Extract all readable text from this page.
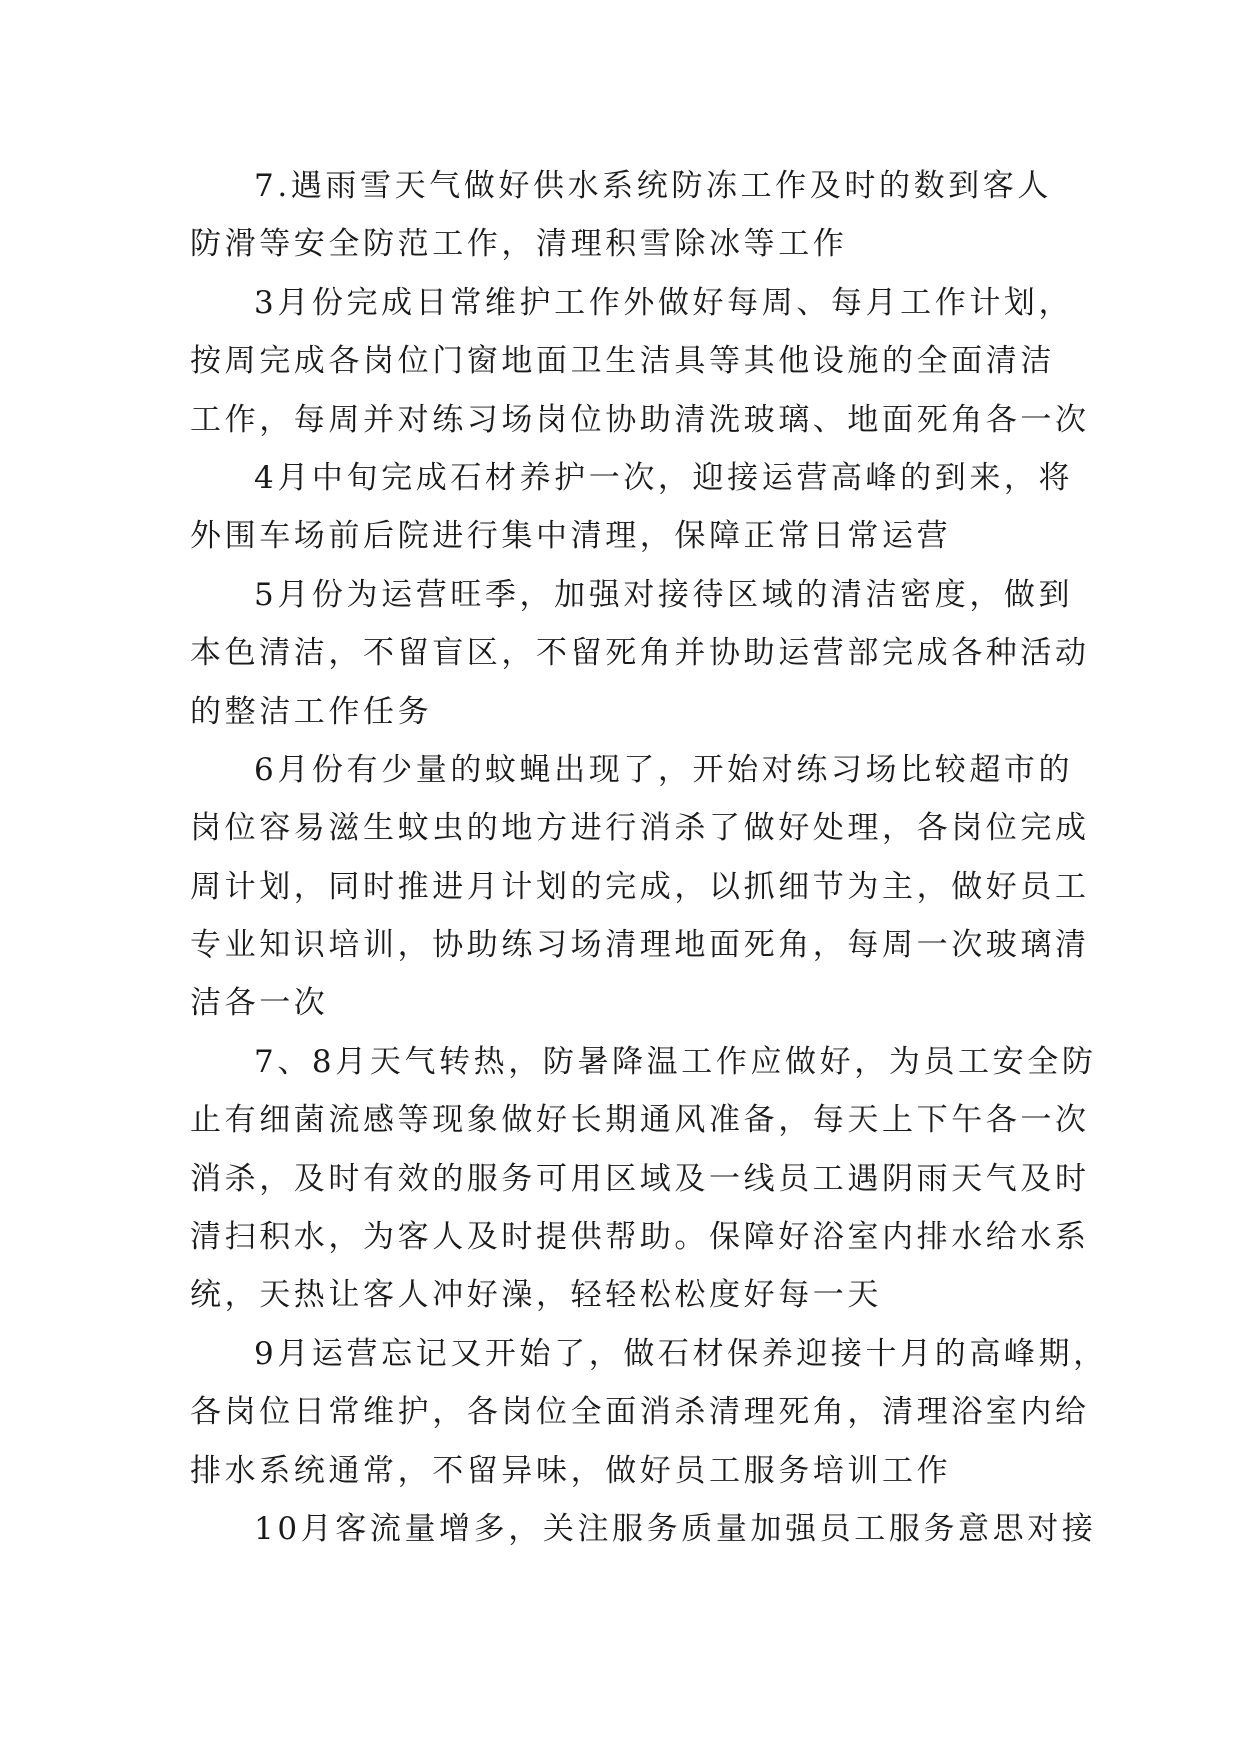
7.遇雨雪天气做好供水系统防冻工作及时的数到客人
防滑等安全防范工作，清理积雪除冰等工作
3月份完成日常维护工作外做好每周、每月工作计划，
按周完成各岗位门窗地面卫生洁具等其他设施的全面清洁
工作，每周并对练习场岗位协助清洗玻璃、地面死角各一次
4月中旬完成石材养护一次，迎接运营高峰的到来，将
外围车场前后院进行集中清理，保障正常日常运营
5月份为运营旺季，加强对接待区域的清洁密度，做到
本色清洁，不留盲区，不留死角并协助运营部完成各种活动
的整洁工作任务
6月份有少量的蚊蝇出现了，开始对练习场比较超市的
岗位容易滋生蚊虫的地方进行消杀了做好处理，各岗位完成
周计划，同时推进月计划的完成，以抓细节为主，做好员工
专业知识培训，协助练习场清理地面死角，每周一次玻璃清
洁各一次
7、8月天气转热，防暑降温工作应做好，为员工安全防
止有细菌流感等现象做好长期通风准备，每天上下午各一次
消杀，及时有效的服务可用区域及一线员工遇阴雨天气及时
清扫积水，为客人及时提供帮助。保障好浴室内排水给水系
统，天热让客人冲好澡，轻轻松松度好每一天
9月运营忘记又开始了，做石材保养迎接十月的高峰期，
各岗位日常维护，各岗位全面消杀清理死角，清理浴室内给
排水系统通常，不留异味，做好员工服务培训工作
10月客流量增多，关注服务质量加强员工服务意思对接
